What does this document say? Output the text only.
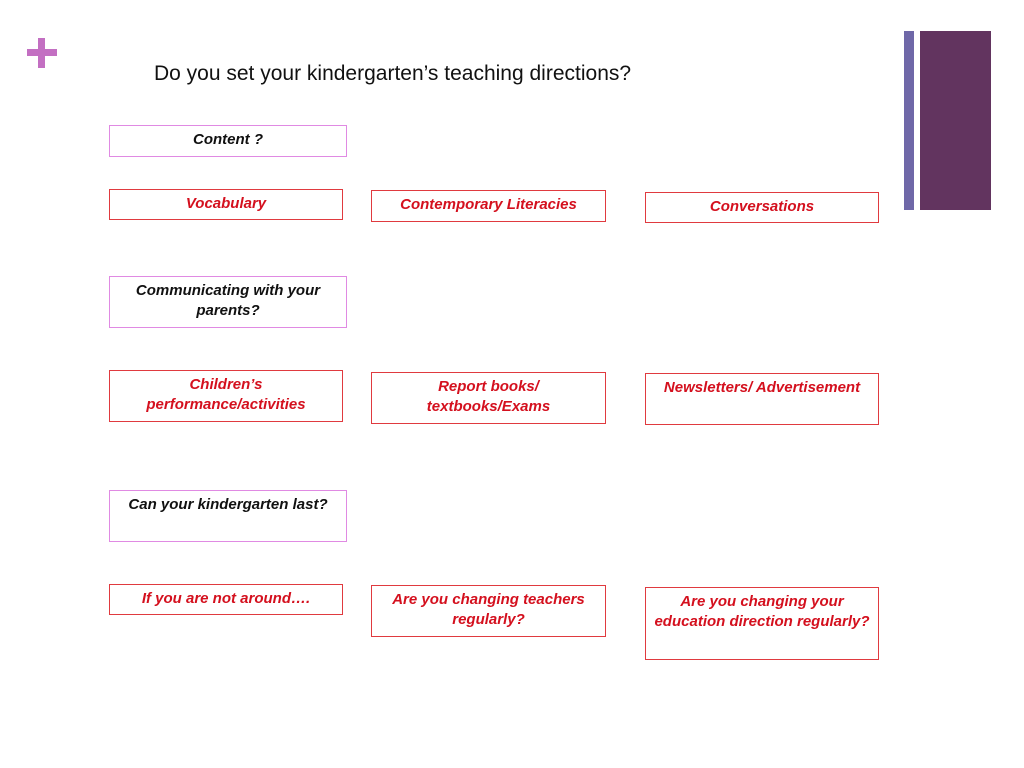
Do you set your kindergarten’s teaching directions?
Content ?
Vocabulary	Contemporary Literacies	Conversations
Communicating with your parents?
Children’s performance/activities
Report books/ textbooks/Exams
Newsletters/ Advertisement
Can your kindergarten last?
If you are not around….	Are you changing teachers regularly?
Are you changing your education direction regularly?
